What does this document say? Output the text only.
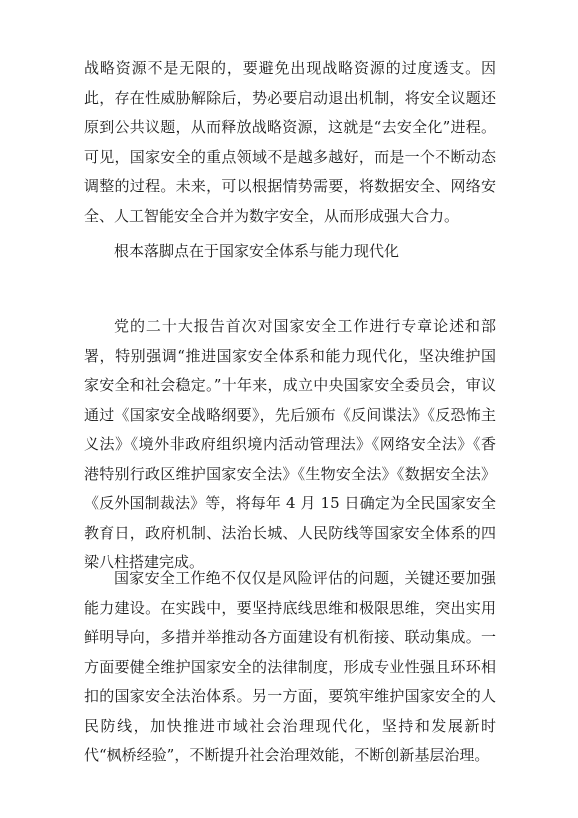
战略资源不是无限的，要避免出现战略资源的过度透支。因此，存在性威胁解除后，势必要启动退出机制，将安全议题还原到公共议题，从而释放战略资源，这就是“去安全化”进程。可见，国家安全的重点领域不是越多越好，而是一个不断动态调整的过程。未来，可以根据情势需要，将数据安全、网络安全、人工智能安全合并为数字安全，从而形成强大合力。

根本落脚点在于国家安全体系与能力现代化

党的二十大报告首次对国家安全工作进行专章论述和部署，特别强调“推进国家安全体系和能力现代化，坚决维护国家安全和社会稳定。”十年来，成立中央国家安全委员会，审议通过《国家安全战略纲要》，先后颁布《反间谍法》《反恐怖主义法》《境外非政府组织境内活动管理法》《网络安全法》《香港特别行政区维护国家安全法》《生物安全法》《数据安全法》《反外国制裁法》等，将每年 4 月 15 日确定为全民国家安全教育日，政府机制、法治长城、人民防线等国家安全体系的四梁八柱搭建完成。

国家安全工作绝不仅仅是风险评估的问题，关键还要加强能力建设。在实践中，要坚持底线思维和极限思维，突出实用鲜明导向，多措并举推动各方面建设有机衔接、联动集成。一方面要健全维护国家安全的法律制度，形成专业性强且环环相扣的国家安全法治体系。另一方面，要筑牢维护国家安全的人民防线，加快推进市域社会治理现代化，坚持和发展新时代“枫桥经验”，不断提升社会治理效能，不断创新基层治理。
